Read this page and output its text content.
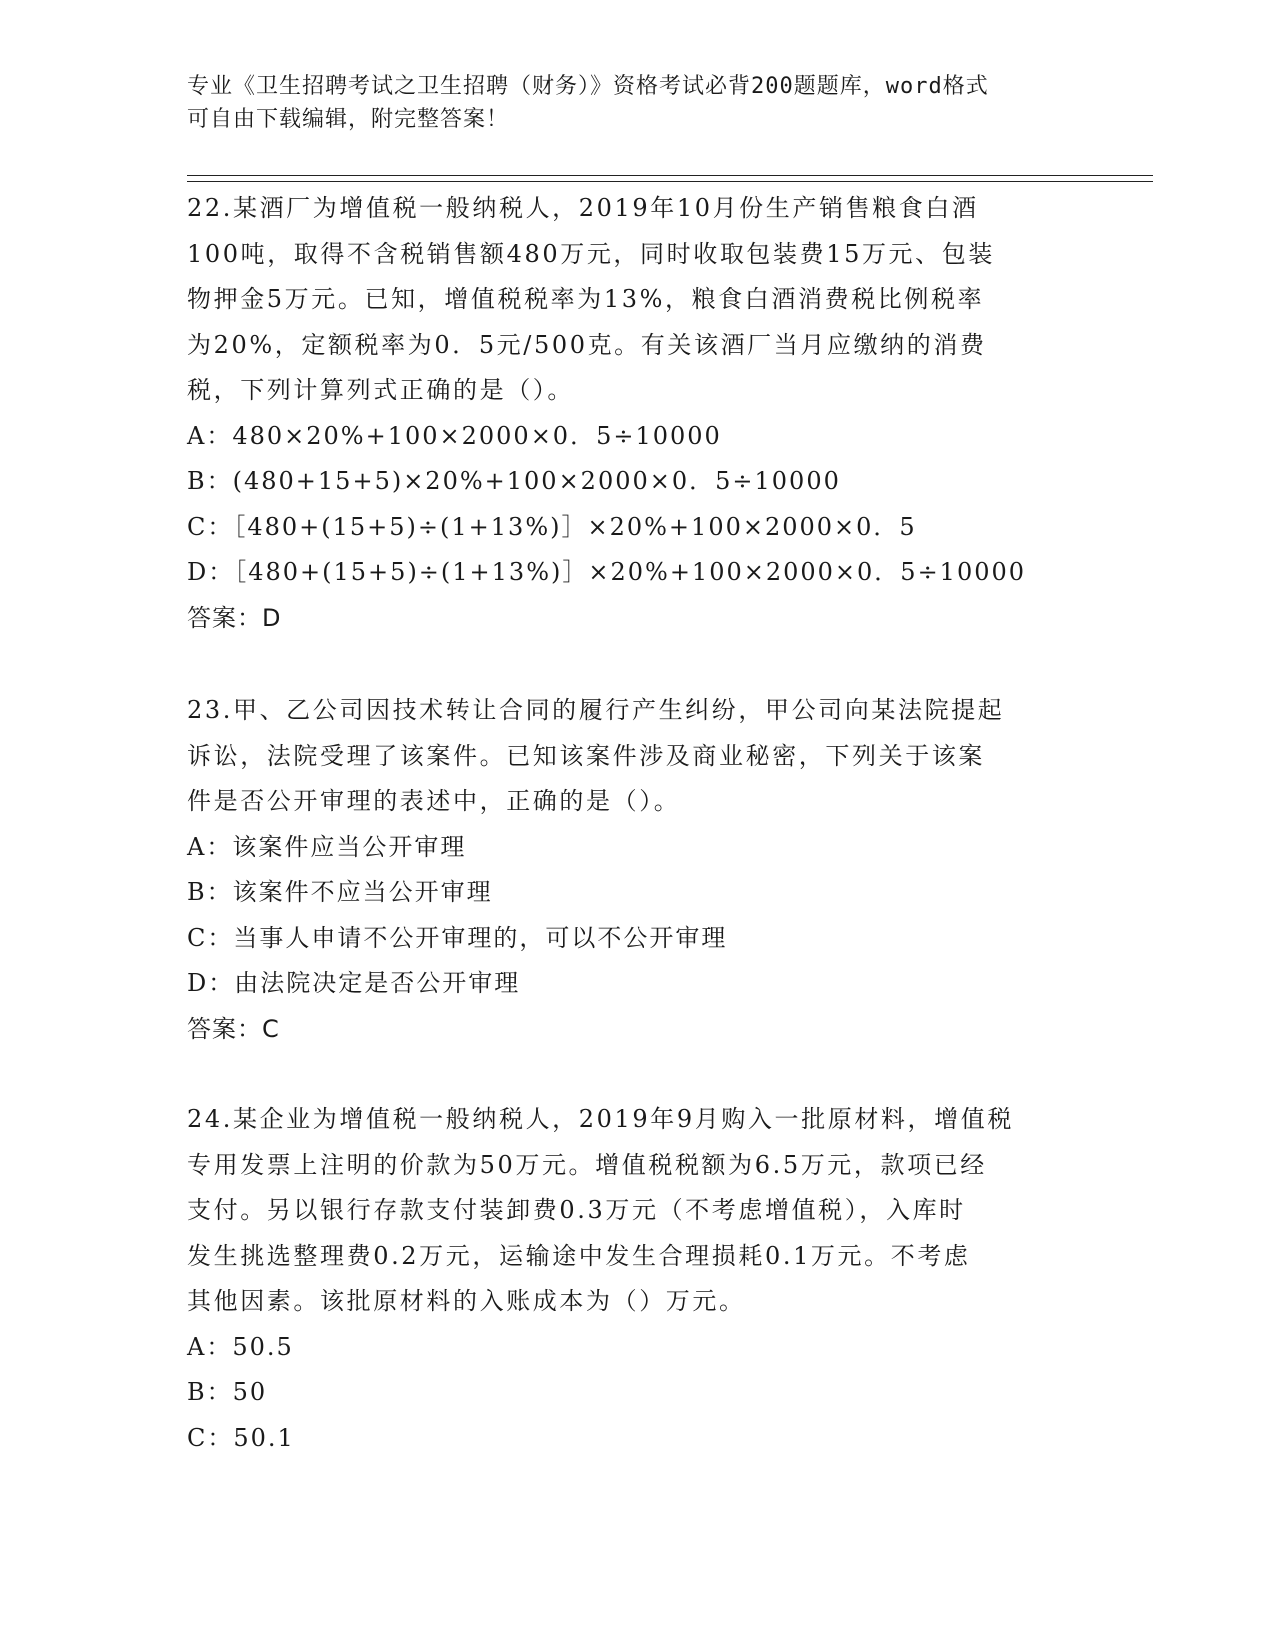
专业《卫生招聘考试之卫生招聘（财务）》资格考试必背200题题库，word格式
可自由下载编辑，附完整答案！
22.某酒厂为增值税一般纳税人，2019年10月份生产销售粮食白酒
100吨，取得不含税销售额480万元，同时收取包装费15万元、包装
物押金5万元。已知，增值税税率为13%，粮食白酒消费税比例税率
为20%，定额税率为0．5元/500克。有关该酒厂当月应缴纳的消费
税，下列计算列式正确的是（）。
A：480×20%+100×2000×0．5÷10000
B：(480+15+5)×20%+100×2000×0．5÷10000
C：［480+(15+5)÷(1+13%)］×20%+100×2000×0．5
D：［480+(15+5)÷(1+13%)］×20%+100×2000×0．5÷10000
答案：D
23.甲、乙公司因技术转让合同的履行产生纠纷，甲公司向某法院提起
诉讼，法院受理了该案件。已知该案件涉及商业秘密，下列关于该案
件是否公开审理的表述中，正确的是（）。
A：该案件应当公开审理
B：该案件不应当公开审理
C：当事人申请不公开审理的，可以不公开审理
D：由法院决定是否公开审理
答案：C
24.某企业为增值税一般纳税人，2019年9月购入一批原材料，增值税
专用发票上注明的价款为50万元。增值税税额为6.5万元，款项已经
支付。另以银行存款支付装卸费0.3万元（不考虑增值税），入库时
发生挑选整理费0.2万元，运输途中发生合理损耗0.1万元。不考虑
其他因素。该批原材料的入账成本为（）万元。
A：50.5
B：50
C：50.1
